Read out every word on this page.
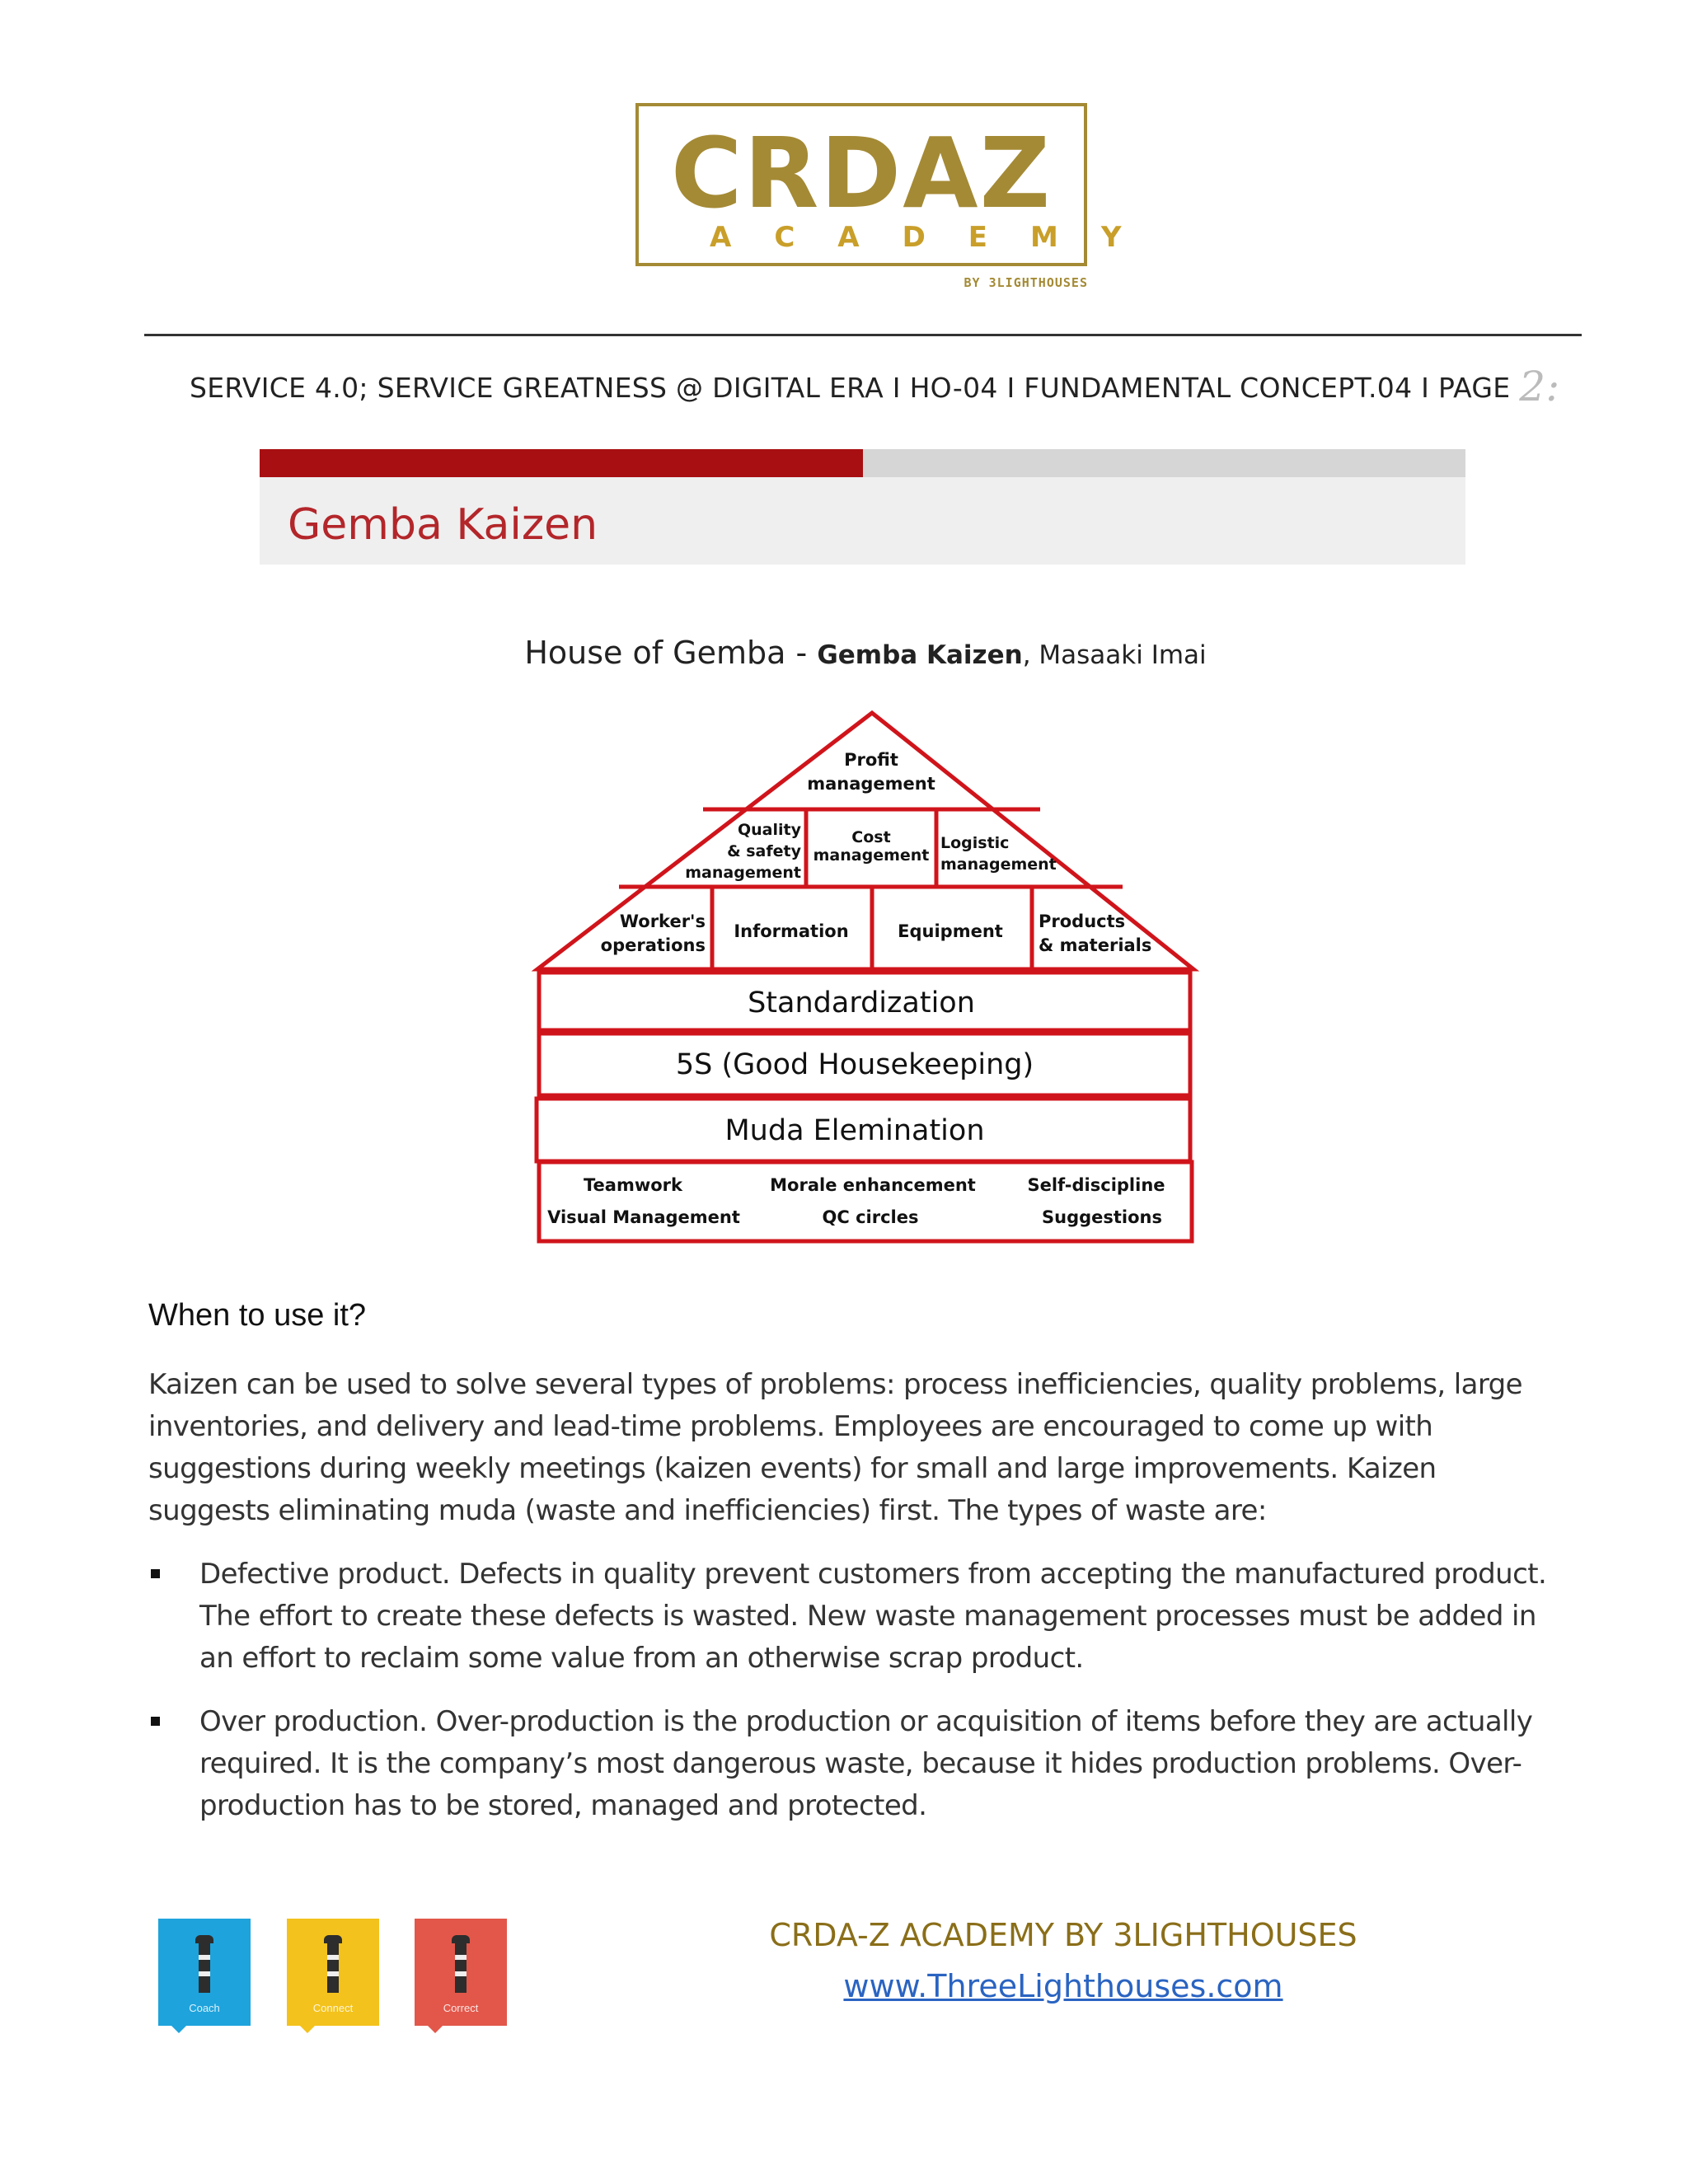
CRDAZ
ACADEMY
BY 3LIGHTHOUSES
SERVICE 4.0; SERVICE GREATNESS @ DIGITAL ERA I HO-04 I FUNDAMENTAL CONCEPT.04 I PAGE 2:
Gemba Kaizen
House of Gemba - Gemba Kaizen, Masaaki Imai
Profit
management
Quality
& safety
management
Cost
management
Logistic
management
Worker's
operations
Information	Equipment Products
& materials
Standardization
5S (Good Housekeeping)
Muda Elemination
Teamwork
Visual Management
Morale enhancement
QC circles
Self-discipline
Suggestions
When to use it?

Kaizen can be used to solve several types of problems: process inefficiencies, quality problems, large inventories, and delivery and lead-time problems. Employees are encouraged to come up with suggestions during weekly meetings (kaizen events) for small and large improvements. Kaizen suggests eliminating muda (waste and inefficiencies) first. The types of waste are:

Defective product. Defects in quality prevent customers from accepting the manufactured product. The effort to create these defects is wasted. New waste management processes must be added in an effort to reclaim some value from an otherwise scrap product.
Over production. Over-production is the production or acquisition of items before they are actually required. It is the company’s most dangerous waste, because it hides production problems. Over-production has to be stored, managed and protected.
Coach	Connect	Correct
CRDA-Z ACADEMY BY 3LIGHTHOUSES
www.ThreeLighthouses.com
